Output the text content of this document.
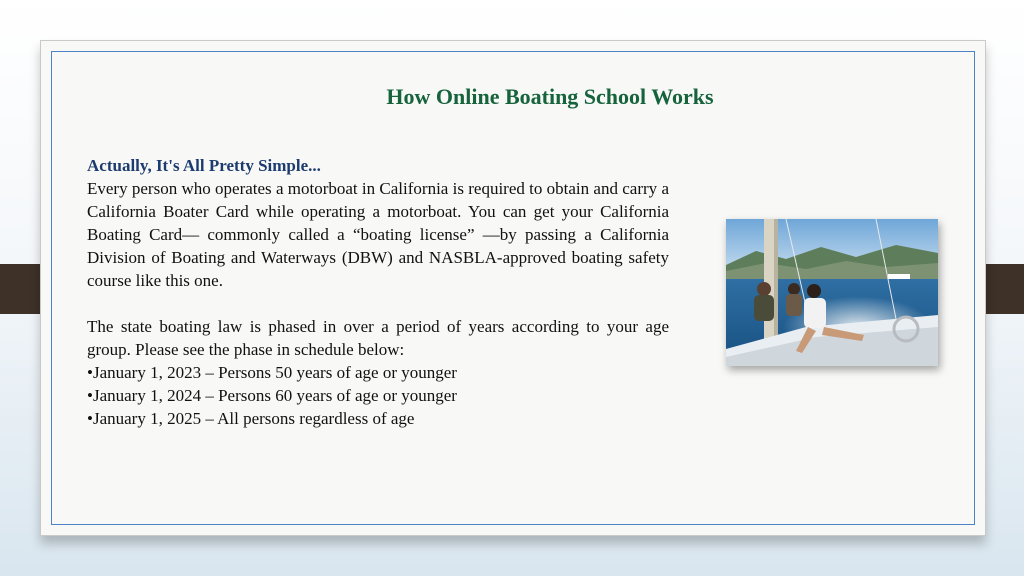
How Online Boating School Works
Actually, It's All Pretty Simple...

Every person who operates a motorboat in California is required to obtain and carry a California Boater Card while operating a motorboat. You can get your California Boating Card— commonly called a “boating license” —by passing a California Division of Boating and Waterways (DBW) and NASBLA-approved boating safety course like this one.

The state boating law is phased in over a period of years according to your age group. Please see the phase in schedule below:

•January 1, 2023 – Persons 50 years of age or younger

•January 1, 2024 – Persons 60 years of age or younger

•January 1, 2025 – All persons regardless of age
